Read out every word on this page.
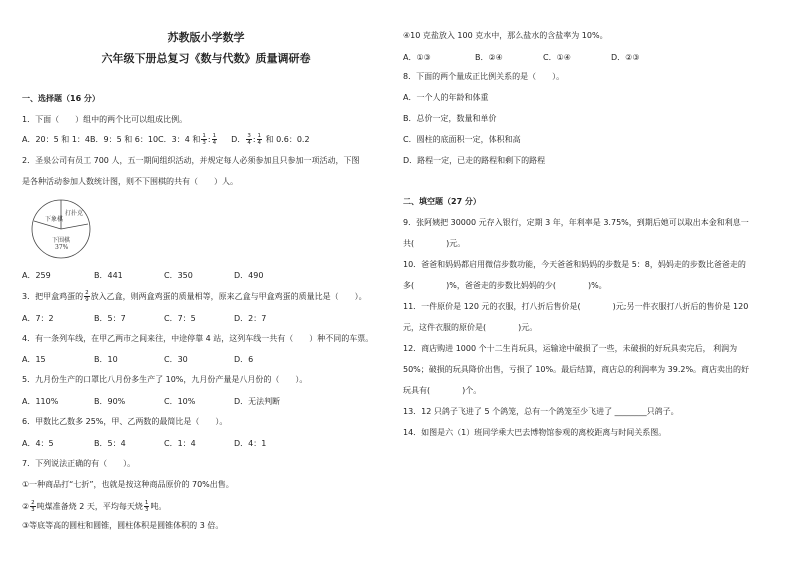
苏教版小学数学
六年级下册总复习《数与代数》质量调研卷
一、选择题（16 分）
1．下面（　　）组中的两个比可以组成比例。
A．20：5 和 1：4B．9：5 和 6：10C．3：4 和 $\frac{1}{3}$ : $\frac{1}{4}$ D． $\frac{3}{4}$ : $\frac{1}{4}$ 和 0.6：0.2
2．圣泉公司有员工 700 人，五一期间组织活动，并规定每人必须参加且只参加一项活动，下图
是各种活动参加人数统计图，则不下围棋的共有（　　）人。
下象棋
打扑克
下围棋
37%
A．259	B．441	C．350	D．490
3．把甲盒鸡蛋的 $\frac{2}{9}$ 放入乙盒，则两盒鸡蛋的质量相等，原来乙盒与甲盒鸡蛋的质量比是（　　）。
A．7：2	B．5：7	C．7：5	D．2：7
4．有一条列车线，在甲乙两市之间来往，中途停靠 4 站，这列车线一共有（　　）种不同的车票。
A．15	B．10	C．30	D．6
5．九月份生产的口罩比八月份多生产了 10%，九月份产量是八月份的（　　）。
A．110%	B．90%	C．10%	D．无法判断
6．甲数比乙数多 25%，甲、乙两数的最简比是（　　）。
A．4：5	B．5：4	C．1：4	D．4：1
7．下列说法正确的有（　　）。
①一种商品打“七折”，也就是按这种商品原价的 70%出售。
② $\frac{2}{3}$ 吨煤准备烧 2 天，平均每天烧 $\frac{1}{3}$ 吨。
③等底等高的圆柱和圆锥，圆柱体积是圆锥体积的 3 倍。
④10 克盐放入 100 克水中，那么盐水的含盐率为 10%。
A．①③	B．②④	C．①④	D．②③
8．下面的两个量成正比例关系的是（　　）。
A．一个人的年龄和体重
B．总价一定，数量和单价
C．圆柱的底面积一定，体积和高
D．路程一定，已走的路程和剩下的路程
二、填空题（27 分）
9．张阿姨把 30000 元存入银行，定期 3 年，年利率是 3.75%，到期后她可以取出本金和利息一
共(　　　　)元。
10．爸爸和妈妈都启用微信步数功能，今天爸爸和妈妈的步数是 5：8，妈妈走的步数比爸爸走的
多(　　　　)%，爸爸走的步数比妈妈的少(　　　　)%。
11．一件原价是 120 元的衣服，打八折后售价是(　　　　)元;另一件衣服打八折后的售价是 120
元，这件衣服的原价是(　　　　)元。
12．商店购进 1000 个十二生肖玩具，运输途中破损了一些，未破损的好玩具卖完后， 利润为
50%；破损的玩具降价出售，亏损了 10%。最后结算，商店总的利润率为 39.2%。商店卖出的好
玩具有(　　　　)个。
13．12 只鸽子飞进了 5 个鸽笼，总有一个鸽笼至少飞进了 ________只鸽子。
14．如图是六（1）班同学乘大巴去博物馆参观的离校距离与时间关系图。
